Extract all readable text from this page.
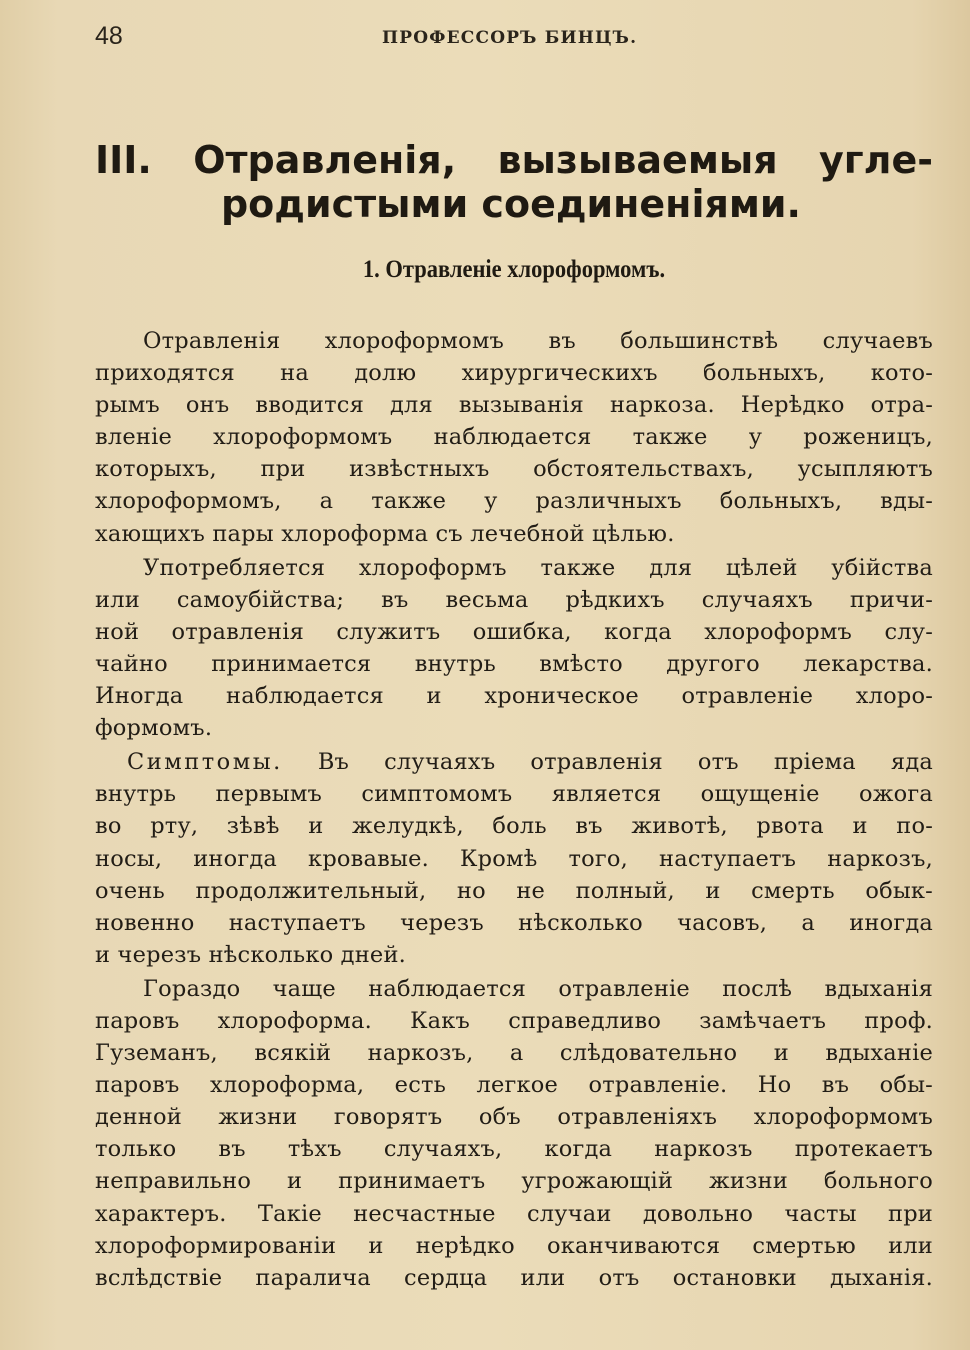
48	ПРОФЕССОРЪ БИНЦЪ.
III. Отравленія, вызываемыя угле-
родистыми соединеніями.
1. Отравленіе хлороформомъ.

Отравленія хлороформомъ въ большинствѣ случаевъ
приходятся на долю хирургическихъ больныхъ, кото-
рымъ онъ вводится для вызыванія наркоза. Нерѣдко отра-
вленіе хлороформомъ наблюдается также у роженицъ,
которыхъ, при извѣстныхъ обстоятельствахъ, усыпляютъ
хлороформомъ, а также у различныхъ больныхъ, вды-
хающихъ пары хлороформа съ лечебной цѣлью.

Употребляется хлороформъ также для цѣлей убійства
или самоубійства; въ весьма рѣдкихъ случаяхъ причи-
ной отравленія служитъ ошибка, когда хлороформъ слу-
чайно принимается внутрь вмѣсто другого лекарства.
Иногда наблюдается и хроническое отравленіе хлоро-
формомъ.

Симптомы. Въ случаяхъ отравленія отъ пріема яда
внутрь первымъ симптомомъ является ощущеніе ожога
во рту, зѣвѣ и желудкѣ, боль въ животѣ, рвота и по-
носы, иногда кровавые. Кромѣ того, наступаетъ наркозъ,
очень продолжительный, но не полный, и смерть обык-
новенно наступаетъ черезъ нѣсколько часовъ, а иногда
и черезъ нѣсколько дней.

Гораздо чаще наблюдается отравленіе послѣ вдыханія
паровъ хлороформа. Какъ справедливо замѣчаетъ проф.
Гуземанъ, всякій наркозъ, а слѣдовательно и вдыханіе
паровъ хлороформа, есть легкое отравленіе. Но въ обы-
денной жизни говорятъ объ отравленіяхъ хлороформомъ
только въ тѣхъ случаяхъ, когда наркозъ протекаетъ
неправильно и принимаетъ угрожающій жизни больного
характеръ. Такіе несчастные случаи довольно часты при
хлороформированіи и нерѣдко оканчиваются смертью или
вслѣдствіе паралича сердца или отъ остановки дыханія.
